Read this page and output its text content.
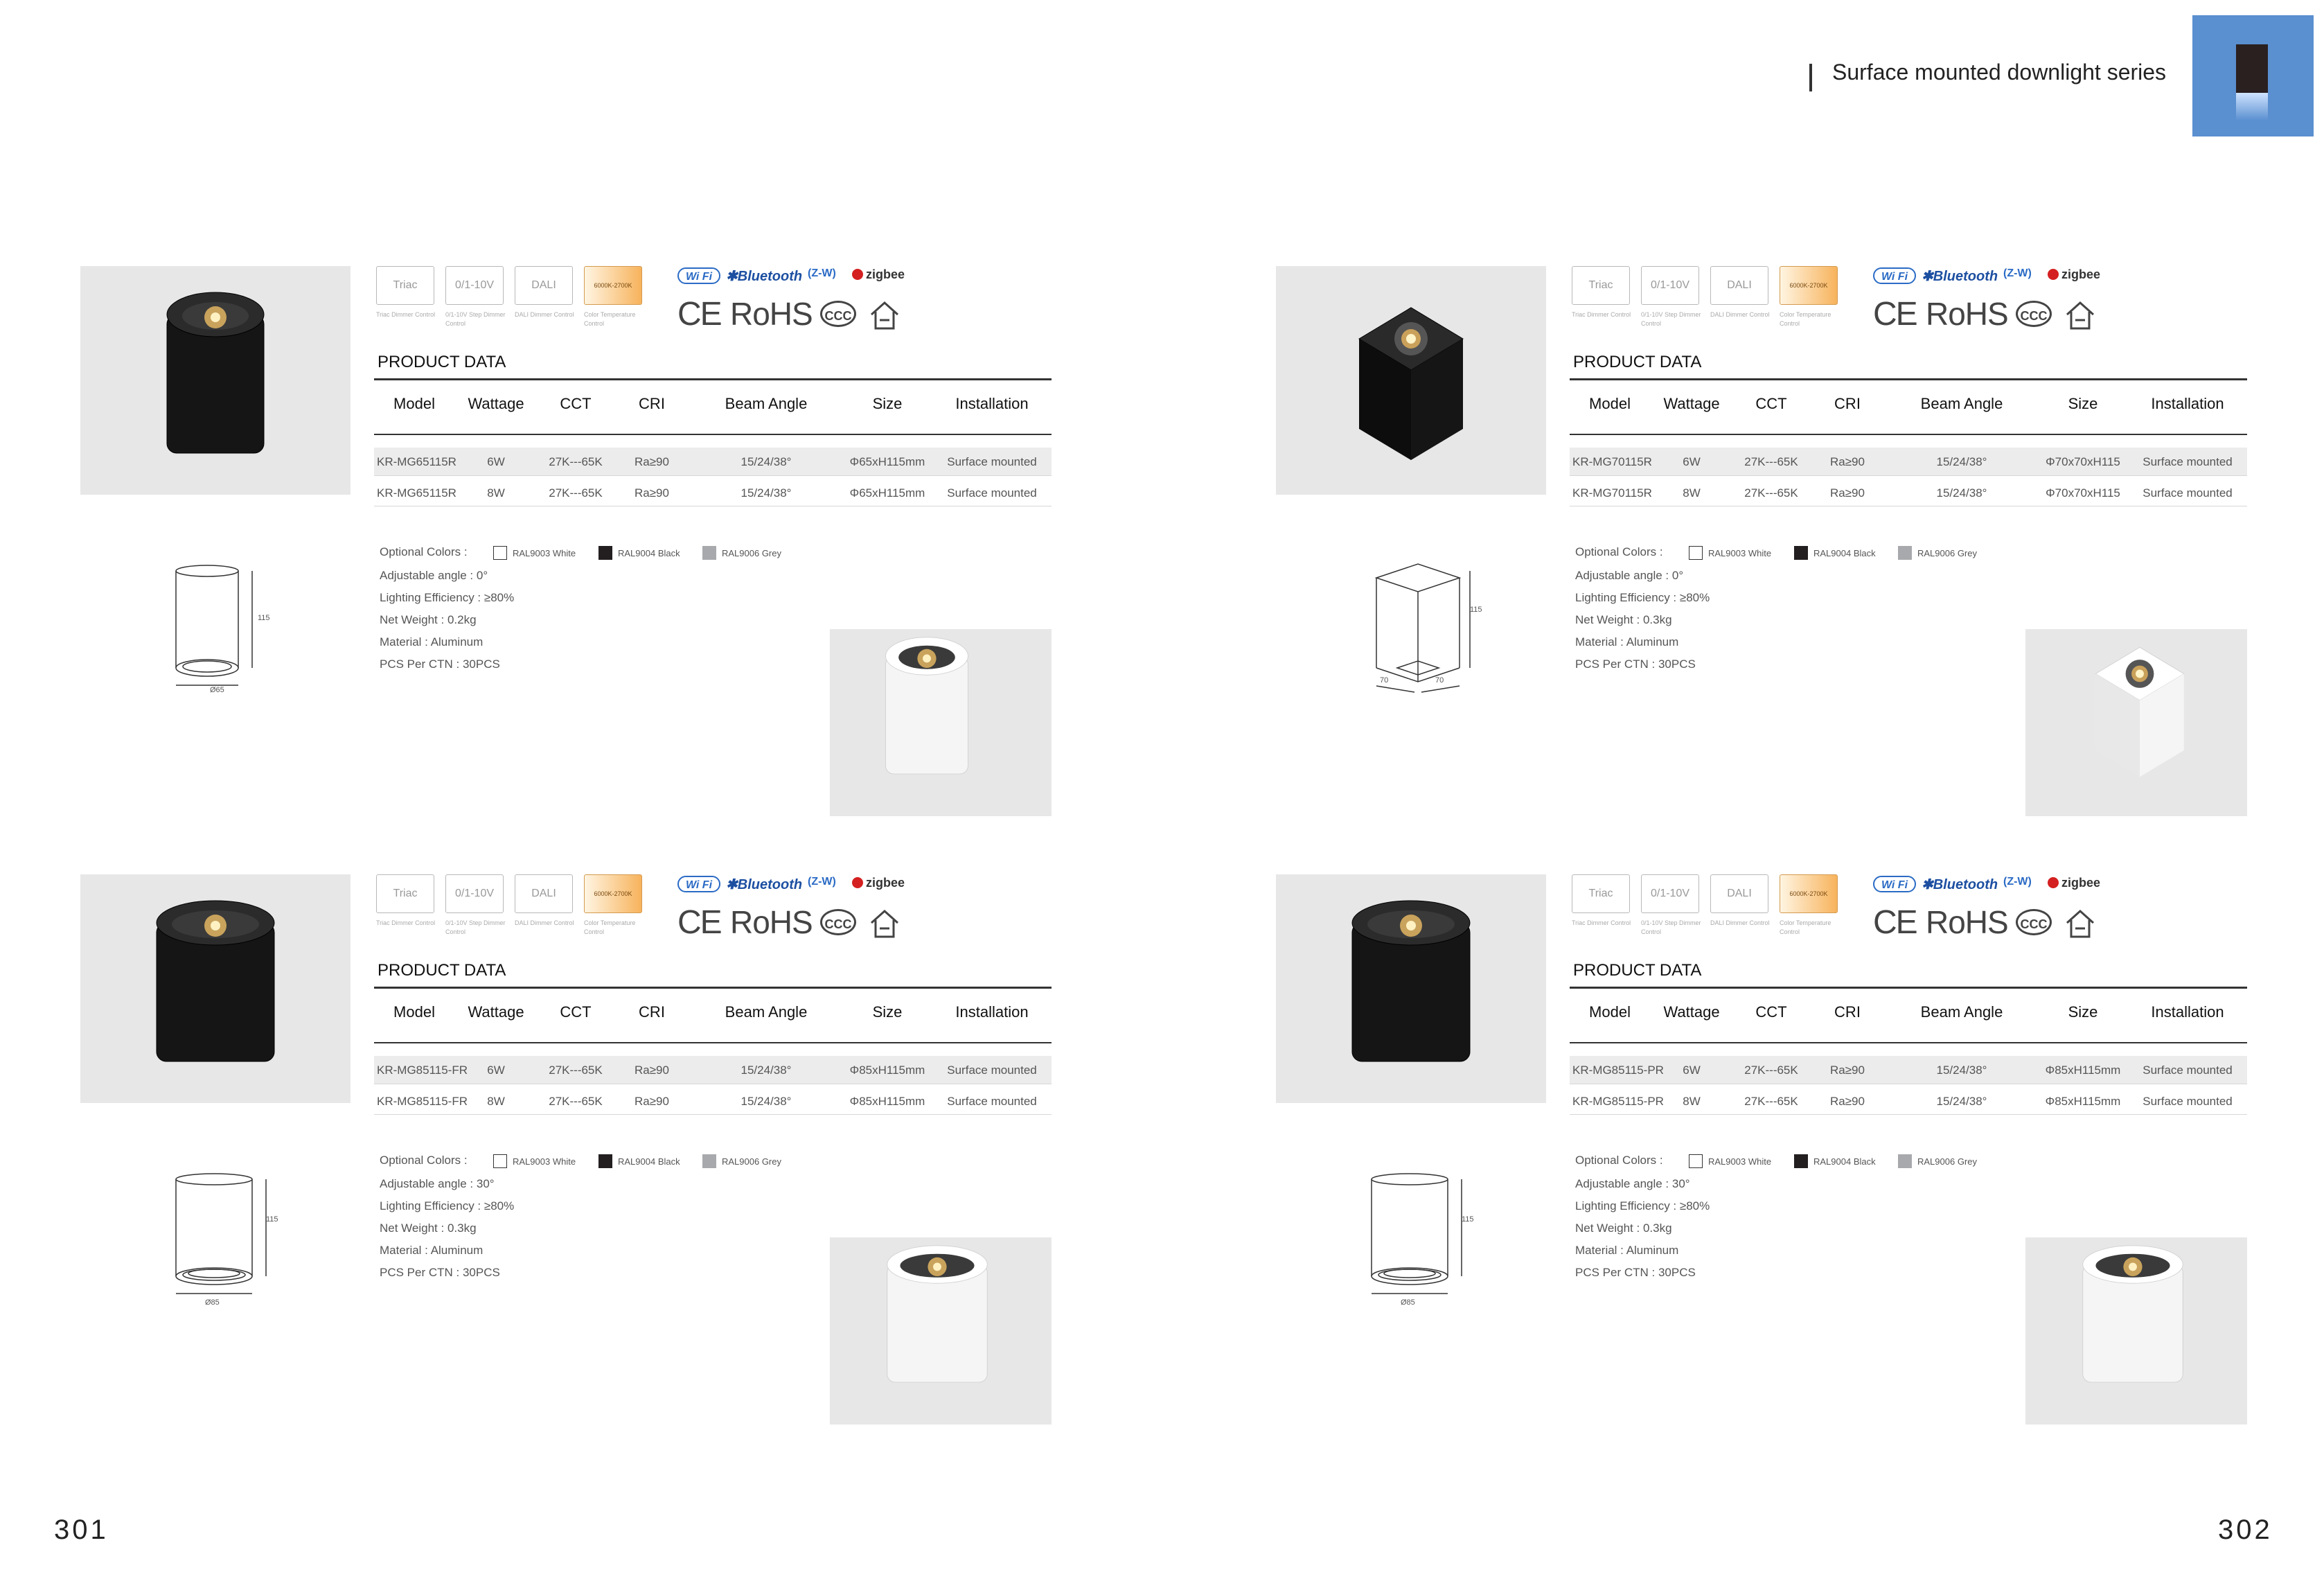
Surface mounted downlight series
301	302
Triac
Triac Dimmer Control
0/1-10V
0/1-10V Step Dimmer Control
DALI
DALI Dimmer Control
6000K-2700K
Color Temperature Control
Wi Fi ✱Bluetooth (Z-W)	zigbee
CE RoHS CCC
PRODUCT DATA
Model	Wattage	CCT	CRI	Beam Angle	Size	Installation
KR-MG65115R	6W	27K---65K	Ra≥90	15/24/38°	Φ65xH115mm	Surface mounted
KR-MG65115R	8W	27K---65K	Ra≥90	15/24/38°	Φ65xH115mm	Surface mounted
Optional Colors :	RAL9003 White	RAL9004 Black	RAL9006 Grey
Adjustable angle : 0°
Lighting Efficiency : ≥80%
Net Weight : 0.2kg
Material : Aluminum
PCS Per CTN : 30PCS
115
Ø65
Triac
Triac Dimmer Control
0/1-10V
0/1-10V Step Dimmer Control
DALI
DALI Dimmer Control
6000K-2700K
Color Temperature Control
Wi Fi ✱Bluetooth (Z-W)	zigbee
CE RoHS CCC
PRODUCT DATA
Model	Wattage	CCT	CRI	Beam Angle	Size	Installation
KR-MG70115R	6W	27K---65K	Ra≥90	15/24/38°	Φ70x70xH115	Surface mounted
KR-MG70115R	8W	27K---65K	Ra≥90	15/24/38°	Φ70x70xH115	Surface mounted
Optional Colors :	RAL9003 White	RAL9004 Black	RAL9006 Grey
Adjustable angle : 0°
Lighting Efficiency : ≥80%
Net Weight : 0.3kg
Material : Aluminum
PCS Per CTN : 30PCS
115
70	70
Triac
Triac Dimmer Control
0/1-10V
0/1-10V Step Dimmer Control
DALI
DALI Dimmer Control
6000K-2700K
Color Temperature Control
Wi Fi ✱Bluetooth (Z-W)	zigbee
CE RoHS CCC
PRODUCT DATA
Model	Wattage	CCT	CRI	Beam Angle	Size	Installation
KR-MG85115-FR	6W	27K---65K	Ra≥90	15/24/38°	Φ85xH115mm	Surface mounted
KR-MG85115-FR	8W	27K---65K	Ra≥90	15/24/38°	Φ85xH115mm	Surface mounted
Optional Colors :	RAL9003 White	RAL9004 Black	RAL9006 Grey
Adjustable angle : 30°
Lighting Efficiency : ≥80%
Net Weight : 0.3kg
Material : Aluminum
PCS Per CTN : 30PCS
115
Ø85
Triac
Triac Dimmer Control
0/1-10V
0/1-10V Step Dimmer Control
DALI
DALI Dimmer Control
6000K-2700K
Color Temperature Control
Wi Fi ✱Bluetooth (Z-W)	zigbee
CE RoHS CCC
PRODUCT DATA
Model	Wattage	CCT	CRI	Beam Angle	Size	Installation
KR-MG85115-PR	6W	27K---65K	Ra≥90	15/24/38°	Φ85xH115mm	Surface mounted
KR-MG85115-PR	8W	27K---65K	Ra≥90	15/24/38°	Φ85xH115mm	Surface mounted
Optional Colors :	RAL9003 White	RAL9004 Black	RAL9006 Grey
Adjustable angle : 30°
Lighting Efficiency : ≥80%
Net Weight : 0.3kg
Material : Aluminum
PCS Per CTN : 30PCS
115
Ø85
